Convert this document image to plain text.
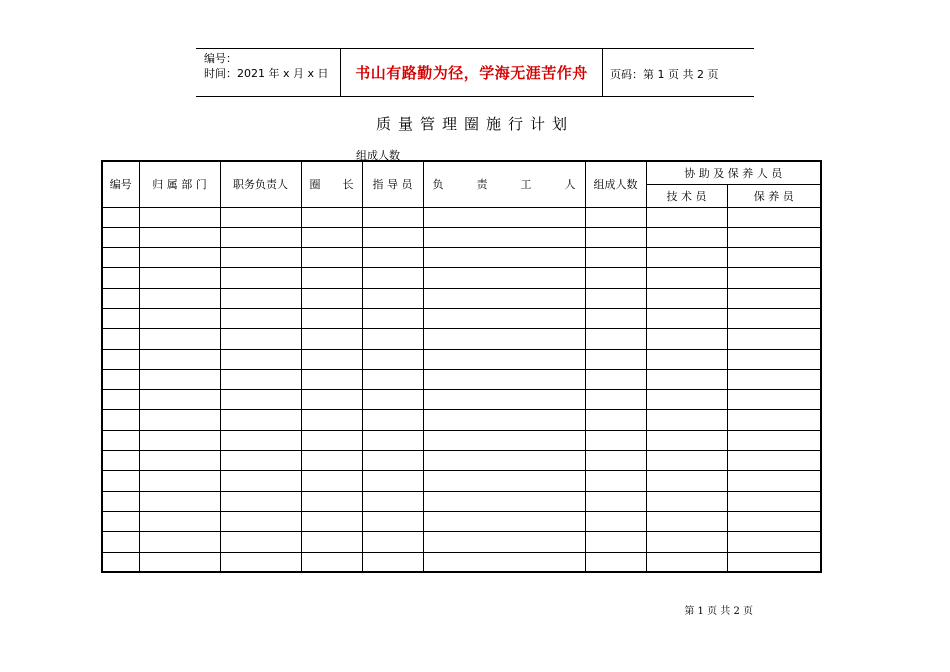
编号：
时间：2021 年 x 月 x 日	书山有路勤为径，学海无涯苦作舟	页码：第 1 页 共 2 页
质量管理圈施行计划
组成人数
编号	归 属 部 门	职务负责人	圈　　长	指 导 员	负　　　责　　　工　　　人	组成人数	协 助 及 保 养 人 员	
							技 术 员	保 养 员

第 1 页 共 2 页
